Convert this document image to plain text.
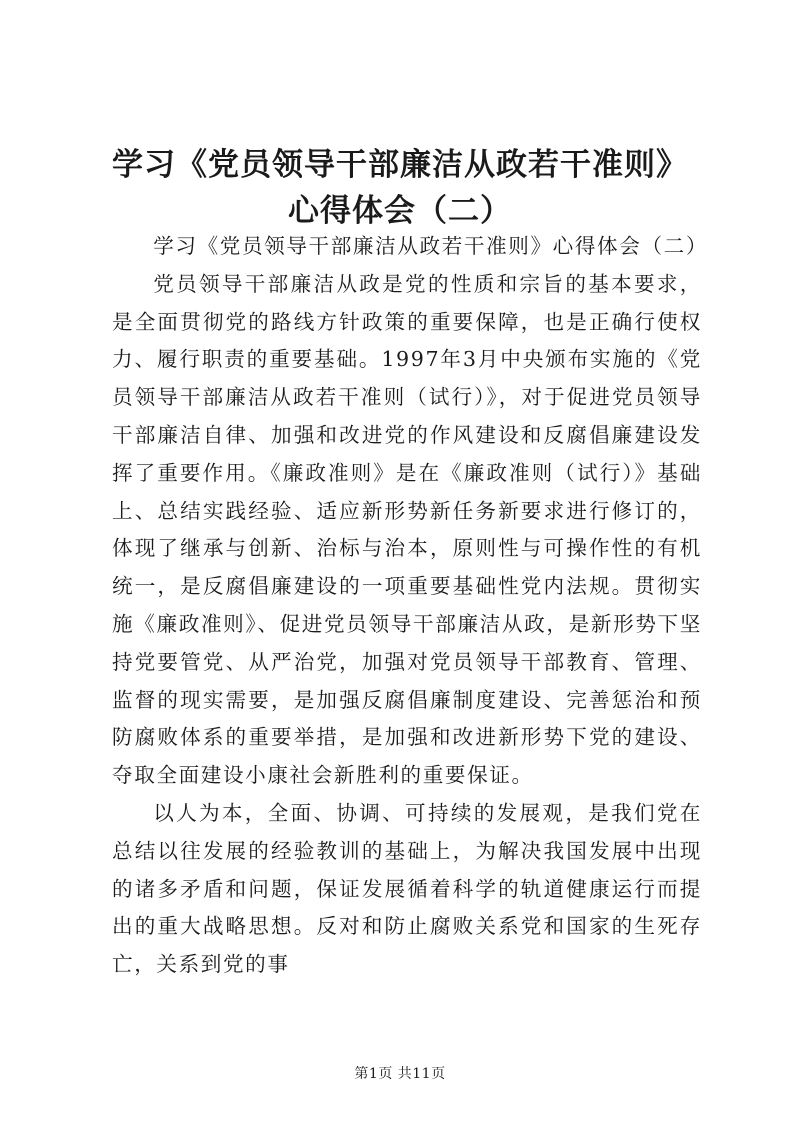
学习《党员领导干部廉洁从政若干准则》心得体会（二）

学习《党员领导干部廉洁从政若干准则》心得体会（二）

党员领导干部廉洁从政是党的性质和宗旨的基本要求，是全面贯彻党的路线方针政策的重要保障，也是正确行使权力、履行职责的重要基础。1997年3月中央颁布实施的《党员领导干部廉洁从政若干准则（试行）》，对于促进党员领导干部廉洁自律、加强和改进党的作风建设和反腐倡廉建设发挥了重要作用。《廉政准则》是在《廉政准则（试行）》基础上、总结实践经验、适应新形势新任务新要求进行修订的，体现了继承与创新、治标与治本，原则性与可操作性的有机统一，是反腐倡廉建设的一项重要基础性党内法规。贯彻实施《廉政准则》、促进党员领导干部廉洁从政，是新形势下坚持党要管党、从严治党，加强对党员领导干部教育、管理、监督的现实需要，是加强反腐倡廉制度建设、完善惩治和预防腐败体系的重要举措，是加强和改进新形势下党的建设、夺取全面建设小康社会新胜利的重要保证。

以人为本，全面、协调、可持续的发展观，是我们党在总结以往发展的经验教训的基础上，为解决我国发展中出现的诸多矛盾和问题，保证发展循着科学的轨道健康运行而提出的重大战略思想。反对和防止腐败关系党和国家的生死存亡，关系到党的事

第1页 共11页
